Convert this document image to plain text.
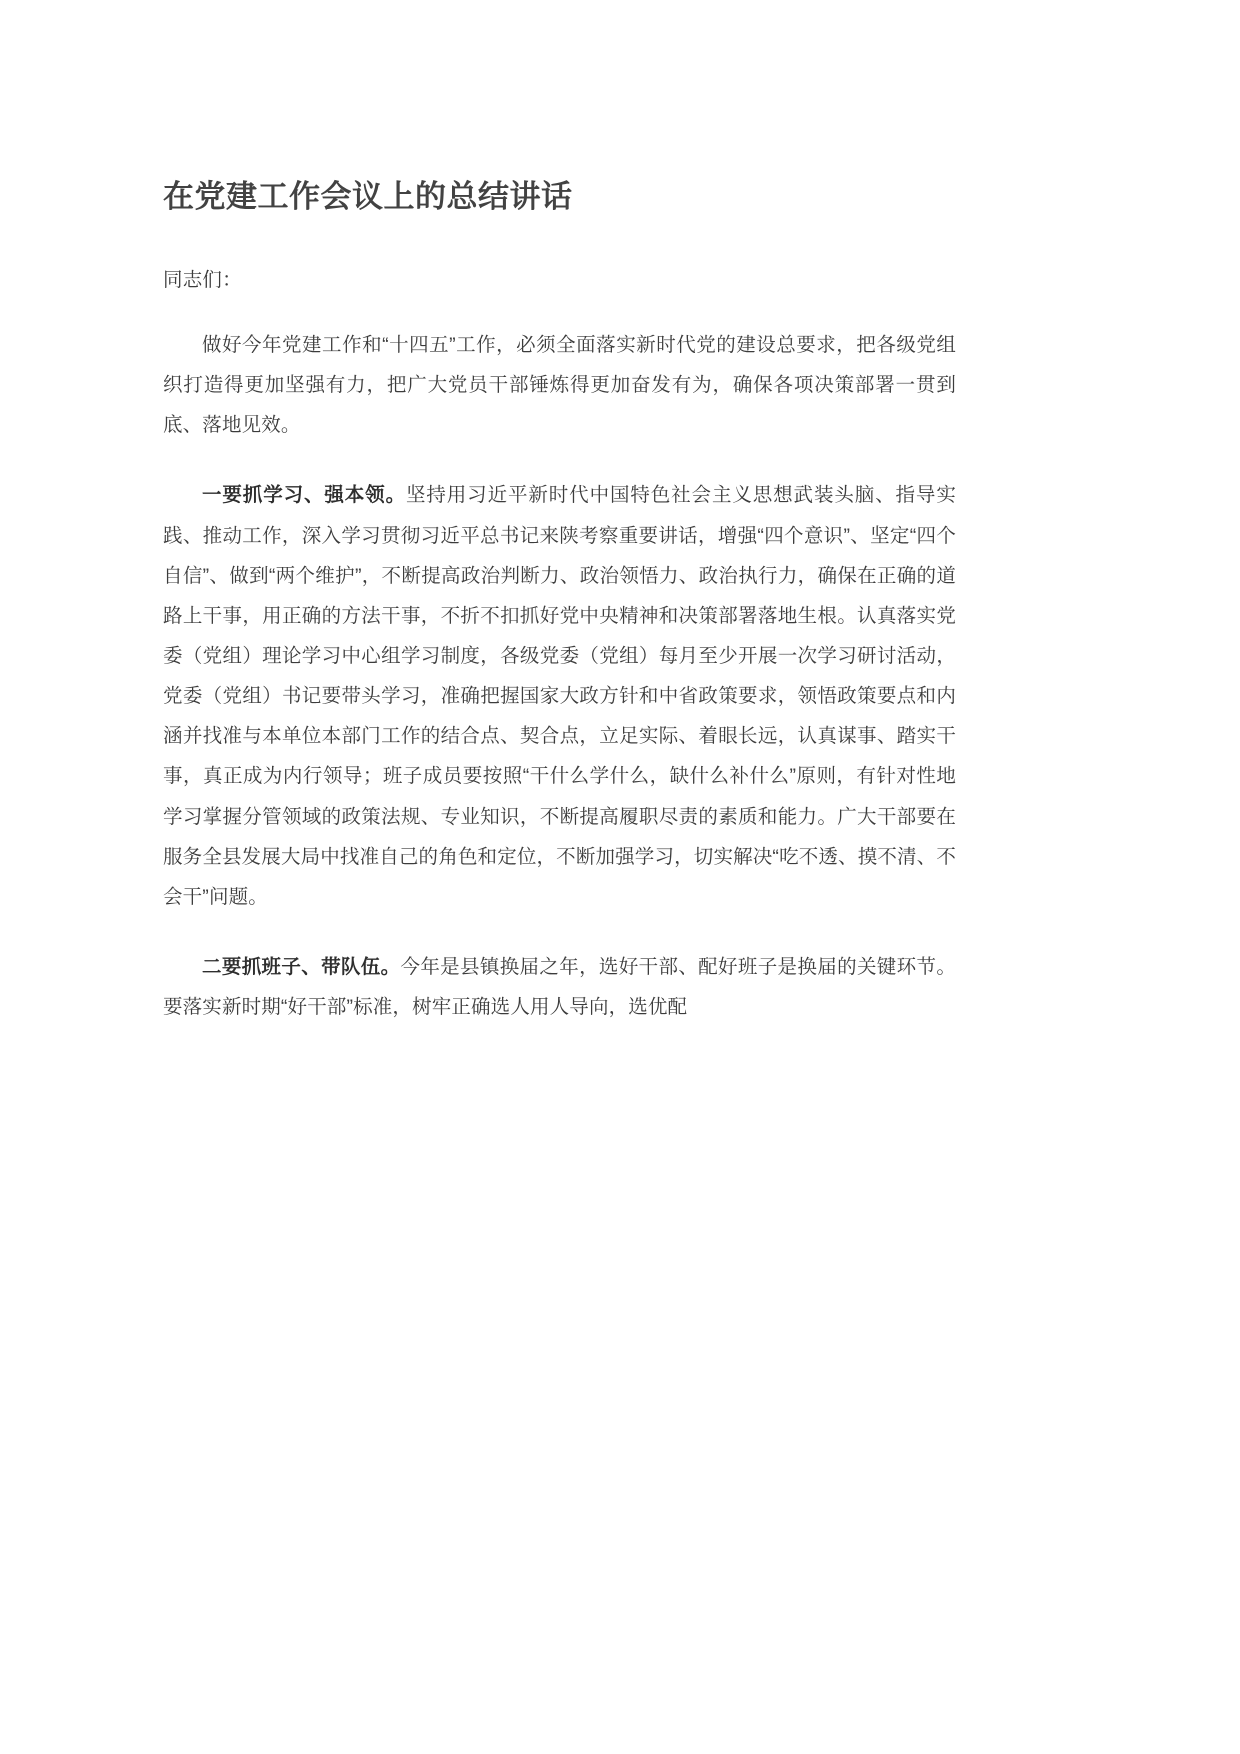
在党建工作会议上的总结讲话

同志们：

做好今年党建工作和“十四五”工作，必须全面落实新时代党的建设总要求，把各级党组织打造得更加坚强有力，把广大党员干部锤炼得更加奋发有为，确保各项决策部署一贯到底、落地见效。

一要抓学习、强本领。坚持用习近平新时代中国特色社会主义思想武装头脑、指导实践、推动工作，深入学习贯彻习近平总书记来陕考察重要讲话，增强“四个意识”、坚定“四个自信”、做到“两个维护”，不断提高政治判断力、政治领悟力、政治执行力，确保在正确的道路上干事，用正确的方法干事，不折不扣抓好党中央精神和决策部署落地生根。认真落实党委（党组）理论学习中心组学习制度，各级党委（党组）每月至少开展一次学习研讨活动，党委（党组）书记要带头学习，准确把握国家大政方针和中省政策要求，领悟政策要点和内涵并找准与本单位本部门工作的结合点、契合点，立足实际、着眼长远，认真谋事、踏实干事，真正成为内行领导；班子成员要按照“干什么学什么，缺什么补什么”原则，有针对性地学习掌握分管领域的政策法规、专业知识，不断提高履职尽责的素质和能力。广大干部要在服务全县发展大局中找准自己的角色和定位，不断加强学习，切实解决“吃不透、摸不清、不会干”问题。

二要抓班子、带队伍。今年是县镇换届之年，选好干部、配好班子是换届的关键环节。要落实新时期“好干部”标准，树牢正确选人用人导向，选优配
